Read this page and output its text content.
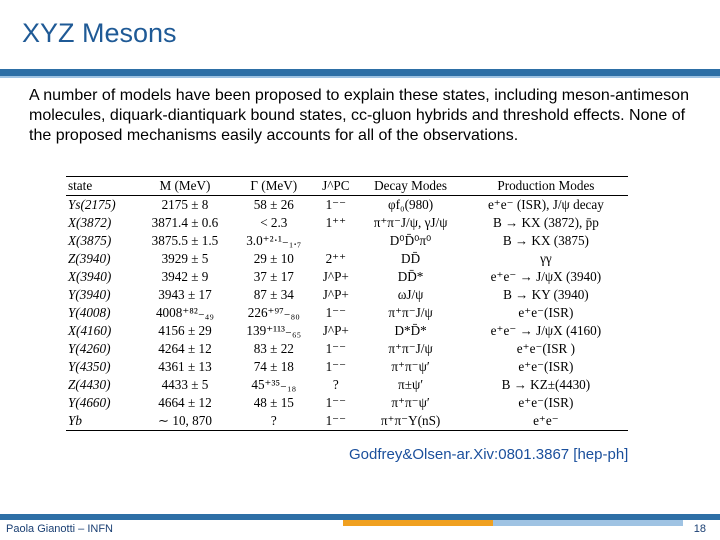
XYZ Mesons
A number of models have been proposed to explain these states, including meson-antimeson molecules, diquark-diantiquark bound states, cc-gluon hybrids and threshold effects. None of the proposed mechanisms easily accounts for all of the observations.
state	M (MeV)	Γ (MeV)	J^PC	Decay Modes	Production Modes
Ys(2175)	2175 ± 8	58 ± 26	1⁻⁻	φf₀(980)	e⁺e⁻ (ISR), J/ψ decay
X(3872)	3871.4 ± 0.6	< 2.3	1⁺⁺	π⁺π⁻J/ψ, γJ/ψ	B → KX (3872), p̄p
X(3875)	3875.5 ± 1.5	3.0⁺²·¹₋₁.₇		D⁰D̄⁰π⁰	B → KX (3875)
Z(3940)	3929 ± 5	29 ± 10	2⁺⁺	DD̄	γγ
X(3940)	3942 ± 9	37 ± 17	J^P+	DD̄*	e⁺e⁻ → J/ψX (3940)
Y(3940)	3943 ± 17	87 ± 34	J^P+	ωJ/ψ	B → KY (3940)
Y(4008)	4008⁺⁸²₋₄₉	226⁺⁹⁷₋₈₀	1⁻⁻	π⁺π⁻J/ψ	e⁺e⁻(ISR)
X(4160)	4156 ± 29	139⁺¹¹³₋₆₅	J^P+	D*D̄*	e⁺e⁻ → J/ψX (4160)
Y(4260)	4264 ± 12	83 ± 22	1⁻⁻	π⁺π⁻J/ψ	e⁺e⁻(ISR )
Y(4350)	4361 ± 13	74 ± 18	1⁻⁻	π⁺π⁻ψ′	e⁺e⁻(ISR)
Z(4430)	4433 ± 5	45⁺³⁵₋₁₈	?	π±ψ′	B → KZ±(4430)
Y(4660)	4664 ± 12	48 ± 15	1⁻⁻	π⁺π⁻ψ′	e⁺e⁻(ISR)
Yb	∼ 10, 870	?	1⁻⁻	π⁺π⁻Υ(nS)	e⁺e⁻
Godfrey&Olsen-ar.Xiv:0801.3867 [hep-ph]
Paola Gianotti – INFN	18
